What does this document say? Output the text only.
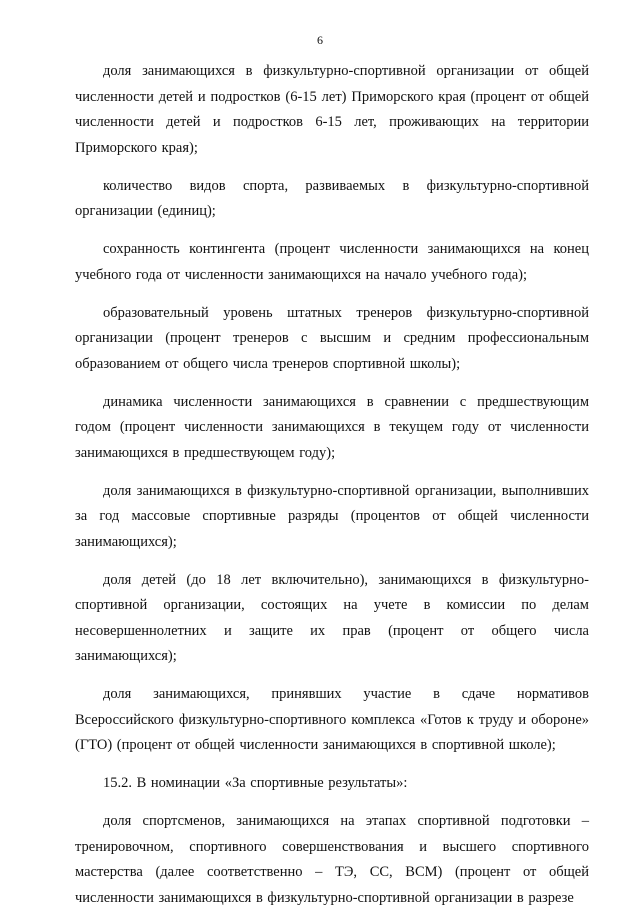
6

доля занимающихся в физкультурно-спортивной организации от общей численности детей и подростков (6-15 лет) Приморского края (процент от общей численности детей и подростков 6-15 лет, проживающих на территории Приморского края);

количество видов спорта, развиваемых в физкультурно-спортивной организации (единиц);

сохранность контингента (процент численности занимающихся на конец учебного года от численности занимающихся на начало учебного года);

образовательный уровень штатных тренеров физкультурно-спортивной организации (процент тренеров с высшим и средним профессиональным образованием от общего числа тренеров спортивной школы);

динамика численности занимающихся в сравнении с предшествующим годом (процент численности занимающихся в текущем году от численности занимающихся в предшествующем году);

доля занимающихся в физкультурно-спортивной организации, выполнивших за год массовые спортивные разряды (процентов от общей численности занимающихся);

доля детей (до 18 лет включительно), занимающихся в физкультурно-спортивной организации, состоящих на учете в комиссии по делам несовершеннолетних и защите их прав (процент от общего числа занимающихся);

доля занимающихся, принявших участие в сдаче нормативов Всероссийского физкультурно-спортивного комплекса «Готов к труду и обороне» (ГТО) (процент от общей численности занимающихся в спортивной школе);

15.2. В номинации «За спортивные результаты»:

доля спортсменов, занимающихся на этапах спортивной подготовки – тренировочном, спортивного совершенствования и высшего спортивного мастерства (далее соответственно – ТЭ, СС, ВСМ) (процент от общей численности занимающихся в физкультурно-спортивной организации в разрезе
